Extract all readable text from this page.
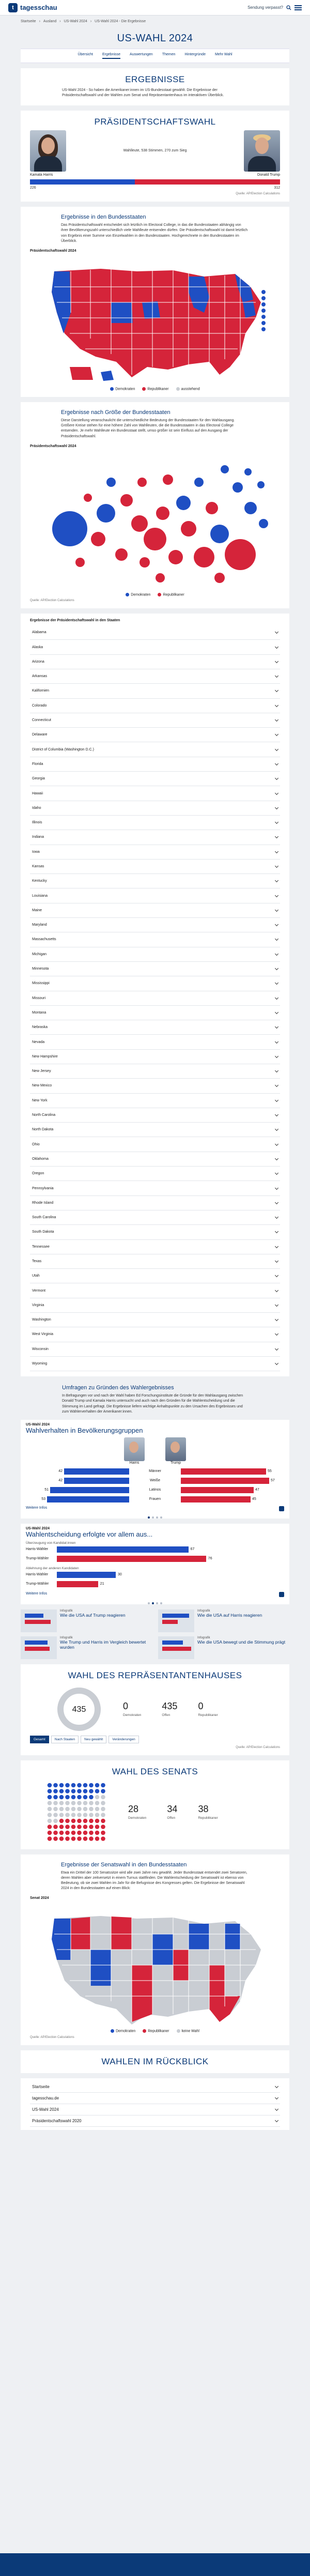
t tagesschau	Sendung verpasst?
Startseite › Ausland › US-Wahl 2024 › US-Wahl 2024 - Die Ergebnisse
US-WAHL 2024
Übersicht	Ergebnisse	Auswertungen	Themen	Hintergründe	Mehr Wahl
ERGEBNISSE

US-Wahl 2024 - So haben die Amerikaner:innen im US-Bundesstaat gewählt. Die Ergebnisse der Präsidentschaftswahl und der Wahlen zum Senat und Repräsentantenhaus im interaktiven Überblick.

PRÄSIDENTSCHAFTSWAHL
Wahlleute, 538 Stimmen, 270 zum Sieg
Kamala Harris	Donald Trump
226	312
Quelle: AP/Election Calculations
Ergebnisse in den Bundesstaaten

Das Präsidentschaftswahl entscheidet sich letztlich im Electoral College, in das die Bundesstaaten abhängig von ihrer Bevölkerungszahl unterschiedlich viele Wahlleute entsenden dürfen. Die Präsidentschaftswahl ist damit letztlich von Ergebnis einer Summe von Einzelwahlen in den Bundesstaaten. Hochgerechnete in den Bundesstaaten im Überblick.

Präsidentschaftswahl 2024
Demokraten	Republikaner	ausstehend
Ergebnisse nach Größe der Bundesstaaten

Diese Darstellung veranschaulicht die unterschiedliche Bedeutung der Bundesstaaten für den Wahlausgang. Größere Kreise stehen für eine höhere Zahl von Wahlleuten, die die Bundesstaaten in das Electoral College entsenden. Je mehr Wahlleute ein Bundesstaat stellt, umso größer ist sein Einfluss auf den Ausgang der Präsidentschaftswahl.

Präsidentschaftswahl 2024
Demokraten	Republikaner
Quelle: AP/Election Calculations
Ergebnisse der Präsidentschaftswahl in den Staaten
Alabama
Alaska
Arizona
Arkansas
Kalifornien
Colorado
Connecticut
Delaware
District of Columbia (Washington D.C.)
Florida
Georgia
Hawaii
Idaho
Illinois
Indiana
Iowa
Kansas
Kentucky
Louisiana
Maine
Maryland
Massachusetts
Michigan
Minnesota
Mississippi
Missouri
Montana
Nebraska
Nevada
New Hampshire
New Jersey
New Mexico
New York
North Carolina
North Dakota
Ohio
Oklahoma
Oregon
Pennsylvania
Rhode Island
South Carolina
South Dakota
Tennessee
Texas
Utah
Vermont
Virginia
Washington
West Virginia
Wisconsin
Wyoming
Umfragen zu Gründen des Wahlergebnisses

In Befragungen vor und nach der Wahl haben Ed Forschungsinstitute die Gründe für den Wahlausgang zwischen Donald Trump und Kamala Harris untersucht und auch nach den Gründen für die Wahlentscheidung und die Stimmung im Land gefragt. Die Ergebnisse liefern wichtige Anhaltspunkte zu den Ursachen des Ergebnisses und zum Wählerverhalten der Amerikaner:innen.

US-Wahl 2024
Wahlverhalten in Bevölkerungsgruppen
Harris	Trump
42	Männer	55
42	Weiße	57
51	Latinos	47
53	Frauen	45
Weitere Infos
US-Wahl 2024
Wahlentscheidung erfolgte vor allem aus...
Überzeugung von Kandidat:innen
Harris-Wähler	67
Trump-Wähler	76
Ablehnung der anderen Kandidaten
Harris-Wähler	30
Trump-Wähler	21
Weitere Infos
Infografik
Wie die USA auf Trump reagieren
Infografik
Wie die USA auf Harris reagieren
Infografik
Wie Trump und Harris im Vergleich bewertet wurden
Infografik
Wie die USA bewegt und die Stimmung prägt
WAHL DES REPRÄSENTANTENHAUSES
435	0
Demokraten
435
Offen
0
Republikaner
Gesamt	Nach Staaten	Neu gewählt	Veränderungen
Quelle: AP/Election Calculations
WAHL DES SENATS
28
Demokraten
34
Offen
38
Republikaner
Ergebnisse der Senatswahl in den Bundesstaaten

Etwa ein Drittel der 100 Senatssitze wird alle zwei Jahre neu gewählt. Jeder Bundesstaat entsendet zwei Senatoren, deren Wahlen aber zeitversetzt in einem Turnus stattfinden. Die Wahlentscheidung der Senatswahl ist ebenso von Bedeutung, ob sie zwei Wahlen im Jahr für die Befugnisse des Kongresses gelten. Die Ergebnisse der Senatswahl 2024 in den Bundesstaaten auf einen Blick:

Senat 2024
Demokraten	Republikaner	keine Wahl
Quelle: AP/Election Calculations
WAHLEN IM RÜCKBLICK
Startseite
tagesschau.de
US-Wahl 2024
Präsidentschaftswahl 2020
